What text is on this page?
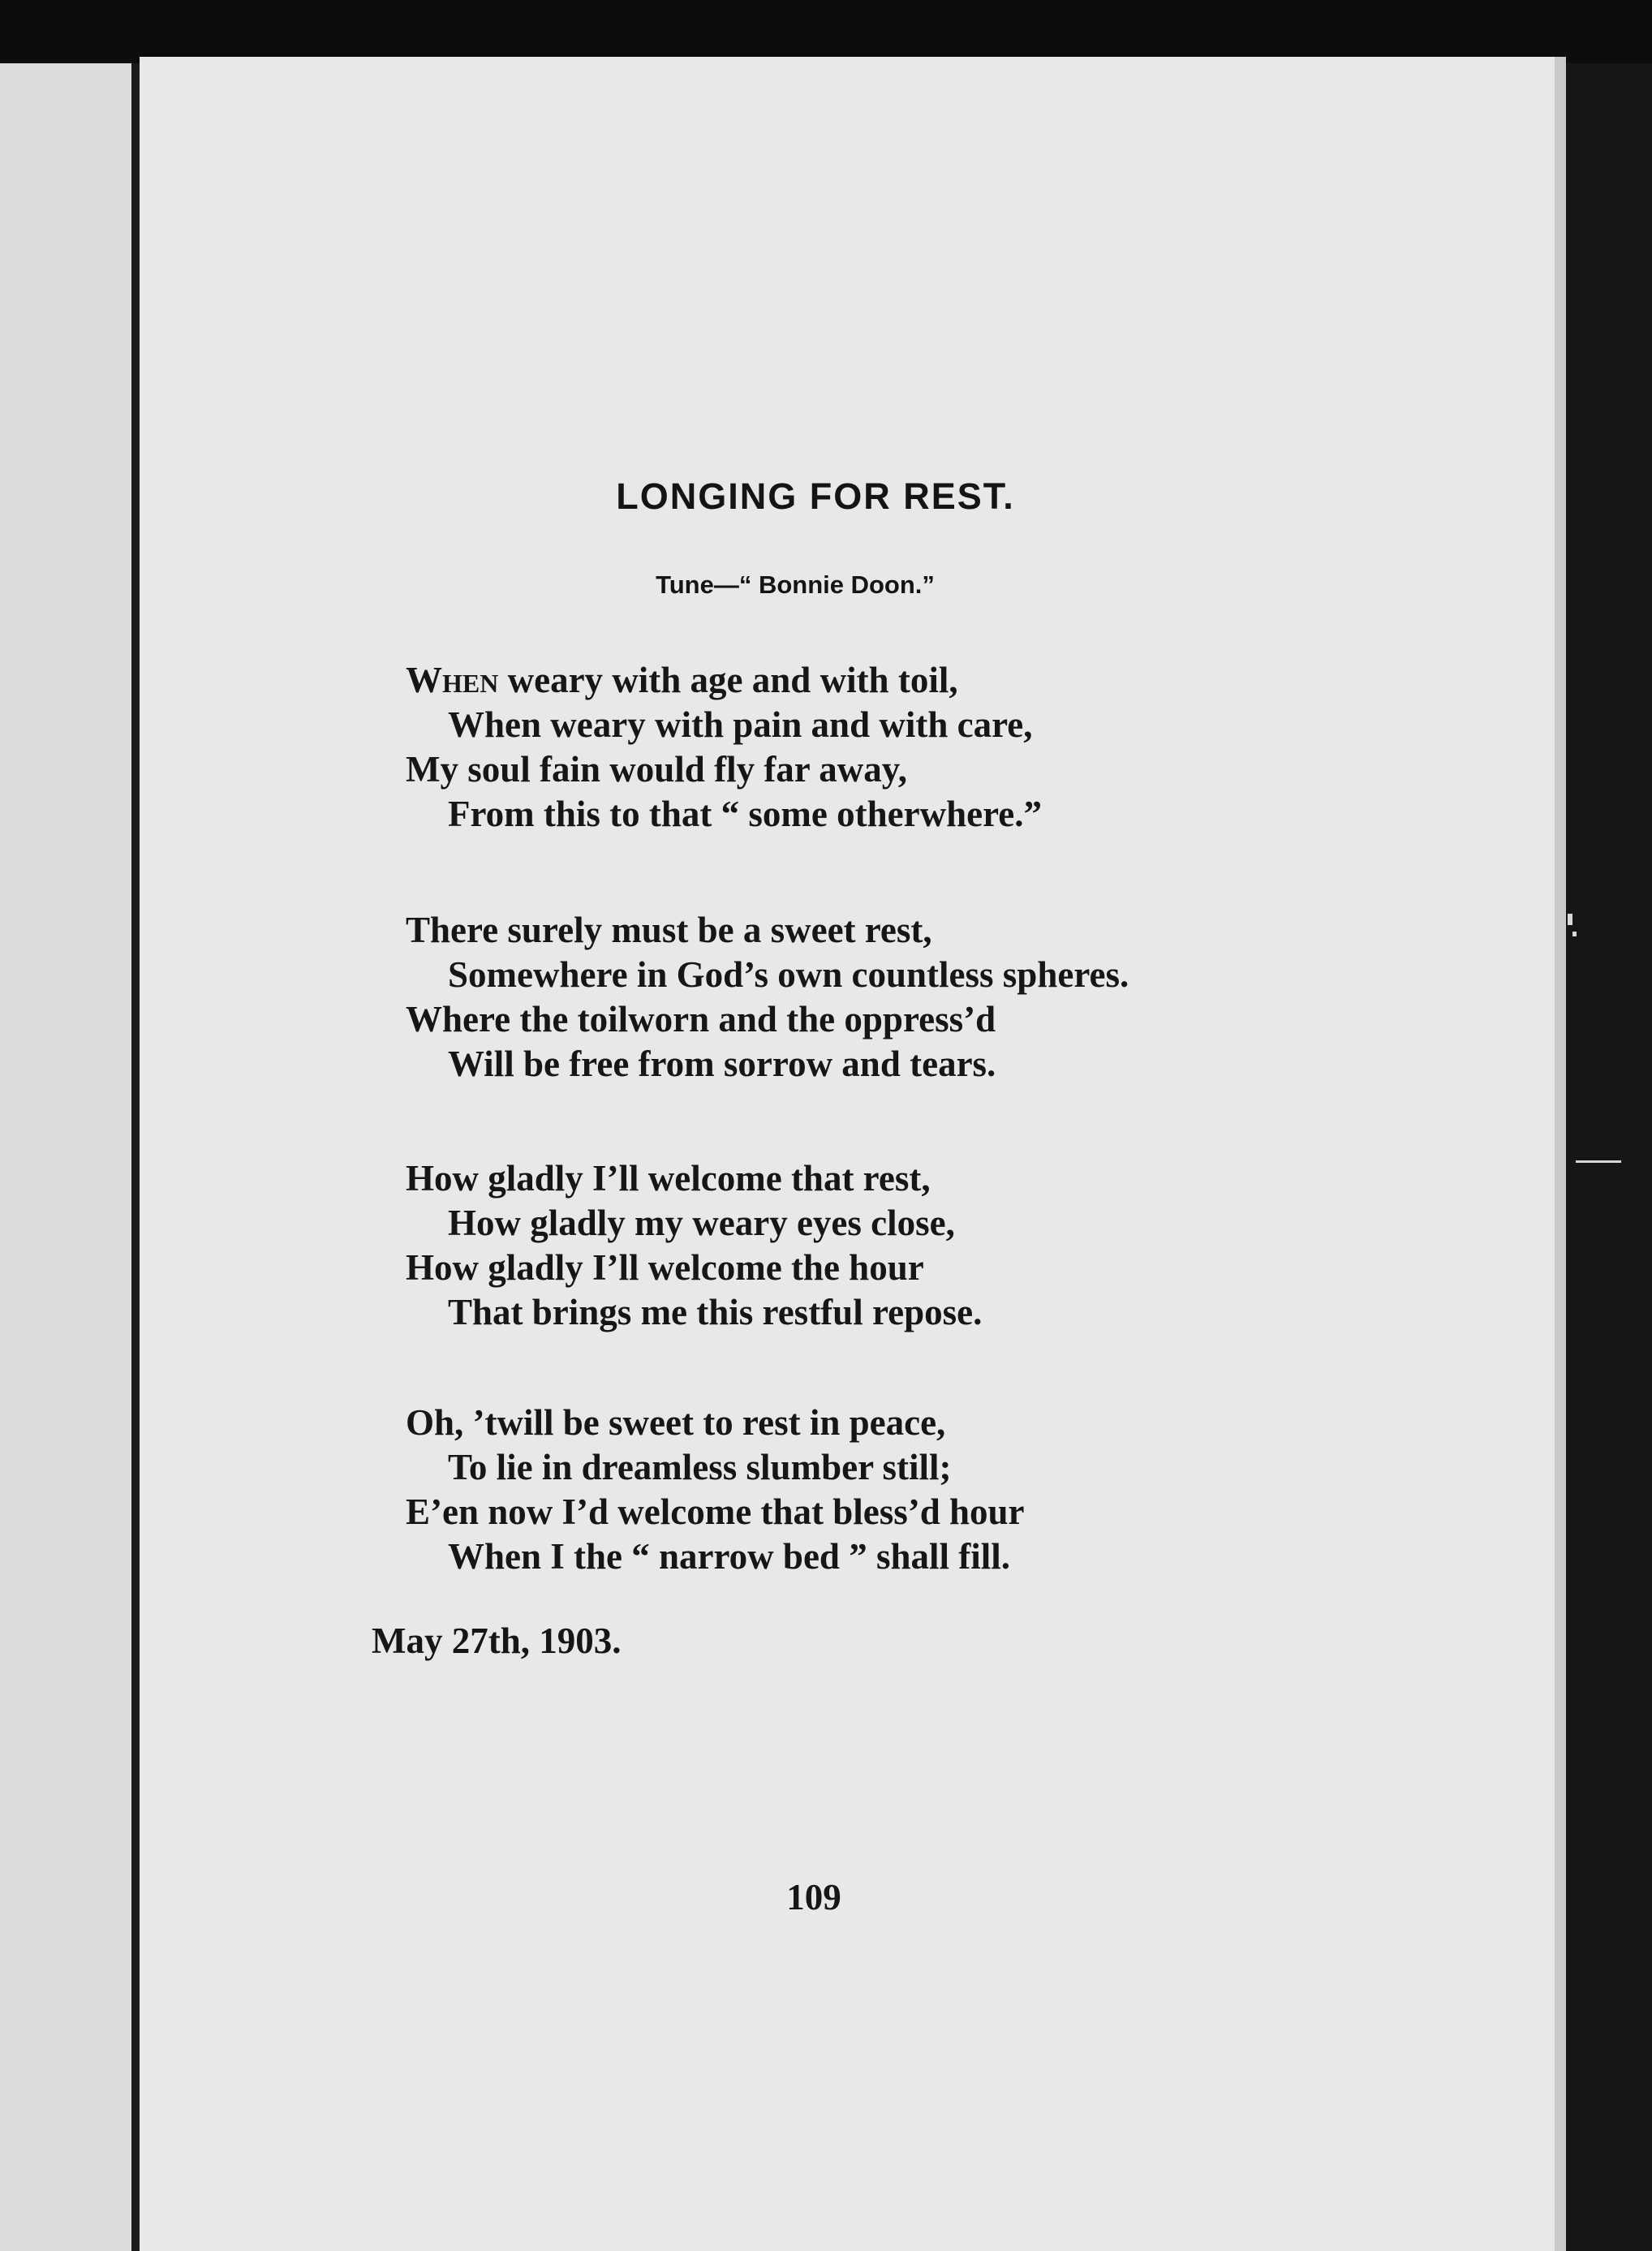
LONGING FOR REST.
Tune—“ Bonnie Doon.”
When weary with age and with toil,
When weary with pain and with care,
My soul fain would fly far away,
From this to that “ some otherwhere.”
There surely must be a sweet rest,
Somewhere in God’s own countless spheres.
Where the toilworn and the oppress’d
Will be free from sorrow and tears.
How gladly I’ll welcome that rest,
How gladly my weary eyes close,
How gladly I’ll welcome the hour
That brings me this restful repose.
Oh, ’twill be sweet to rest in peace,
To lie in dreamless slumber still;
E’en now I’d welcome that bless’d hour
When I the “ narrow bed ” shall fill.
May 27th, 1903.
109
